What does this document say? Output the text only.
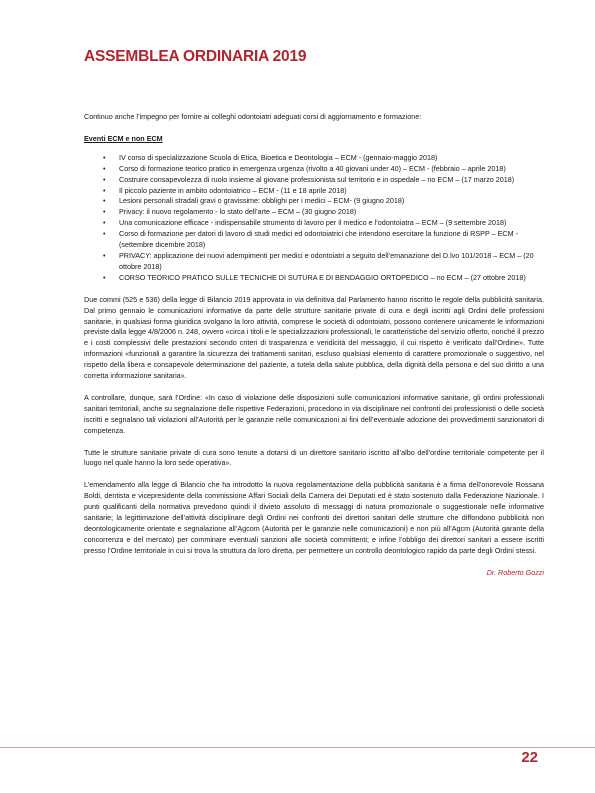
ASSEMBLEA ORDINARIA 2019

Continuo anche l’impegno per fornire ai colleghi odontoiatri adeguati corsi di aggiornamento e formazione:

Eventi ECM e non ECM

• IV corso di specializzazione Scuola di Etica, Bioetica e Deontologia – ECM - (gennaio-maggio 2018)
• Corso di formazione teorico pratico in emergenza urgenza (rivolto a 40 giovani under 40) – ECM - (febbraio – aprile 2018)
• Costruire consapevolezza di ruolo insieme al giovane professionista sul territorio e in ospedale – no ECM – (17 marzo 2018)
• Il piccolo paziente in ambito odontoiatrico – ECM - (11 e 18 aprile 2018)
• Lesioni personali stradali gravi o gravissime: obblighi per i medici – ECM- (9 giugno 2018)
• Privacy: il nuovo regolamento - lo stato dell’arte – ECM – (30 giugno 2018)
• Una comunicazione efficace - indispensabile strumento di lavoro per il medico e l’odontoiatra – ECM – (9 settembre 2018)
• Corso di formazione per datori di lavoro di studi medici ed odontoiatrici che intendono esercitare la funzione di RSPP – ECM - (settembre dicembre 2018)
• PRIVACY: applicazione dei nuovi adempimenti per medici e odontoiatri a seguito dell’emanazione del D.lvo 101/2018 – ECM – (20 ottobre 2018)
• CORSO TEORICO PRATICO SULLE TECNICHE DI SUTURA E DI BENDAGGIO ORTOPEDICO – no ECM – (27 ottobre 2018)

Due commi (525 e 536) della legge di Bilancio 2019 approvata in via definitiva dal Parlamento hanno riscritto le regole della pubblicità sanitaria. Dal primo gennaio le comunicazioni informative da parte delle strutture sanitarie private di cura e degli iscritti agli Ordini delle professioni sanitarie, in qualsiasi forma giuridica svolgano la loro attività, comprese le società di odontoiatri, possono contenere unicamente le informazioni previste dalla legge 4/8/2006 n. 248, ovvero «circa i titoli e le specializzazioni professionali, le caratteristiche del servizio offerto, nonché il prezzo e i costi complessivi delle prestazioni secondo criteri di trasparenza e veridicità del messaggio, il cui rispetto è verificato dall’Ordine». Tutte informazioni «funzionali a garantire la sicurezza dei trattamenti sanitari, escluso qualsiasi elemento di carattere promozionale o suggestivo, nel rispetto della libera e consapevole determinazione del paziente, a tutela della salute pubblica, della dignità della persona e del suo diritto a una corretta informazione sanitaria».

A controllare, dunque, sarà l’Ordine: «In caso di violazione delle disposizioni sulle comunicazioni informative sanitarie, gli ordini professionali sanitari territoriali, anche su segnalazione delle rispettive Federazioni, procedono in via disciplinare nei confronti dei professionisti o delle società iscritti e segnalano tali violazioni all’Autorità per le garanzie nelle comunicazioni ai fini dell’eventuale adozione dei provvedimenti sanzionatori di competenza.

Tutte le strutture sanitarie private di cura sono tenute a dotarsi di un direttore sanitario iscritto all’albo dell’ordine territoriale competente per il luogo nel quale hanno la loro sede operativa».

L’emendamento alla legge di Bilancio che ha introdotto la nuova regolamentazione della pubblicità sanitaria è a firma dell’onorevole Rossana Boldi, dentista e vicepresidente della commissione Affari Sociali della Camera dei Deputati ed è stato sostenuto dalla Federazione Nazionale. I punti qualificanti della normativa prevedono quindi il divieto assoluto di messaggi di natura promozionale o suggestionale nelle informative sanitarie; la legittimazione dell’attività disciplinare degli Ordini nei confronti dei direttori sanitari delle strutture che diffondono pubblicità non deontologicamente orientate e segnalazione all’Agcom (Autorità per le garanzie nelle comunicazioni) e non più all’Agcm (Autorità garante della concorrenza e del mercato) per comminare eventuali sanzioni alle società committenti; e infine l’obbligo dei direttori sanitari a essere iscritti presso l’Ordine territoriale in cui si trova la struttura da loro diretta, per permettere un controllo deontologico rapido da parte degli Ordini stessi.

Dr. Roberto Gozzi

22
